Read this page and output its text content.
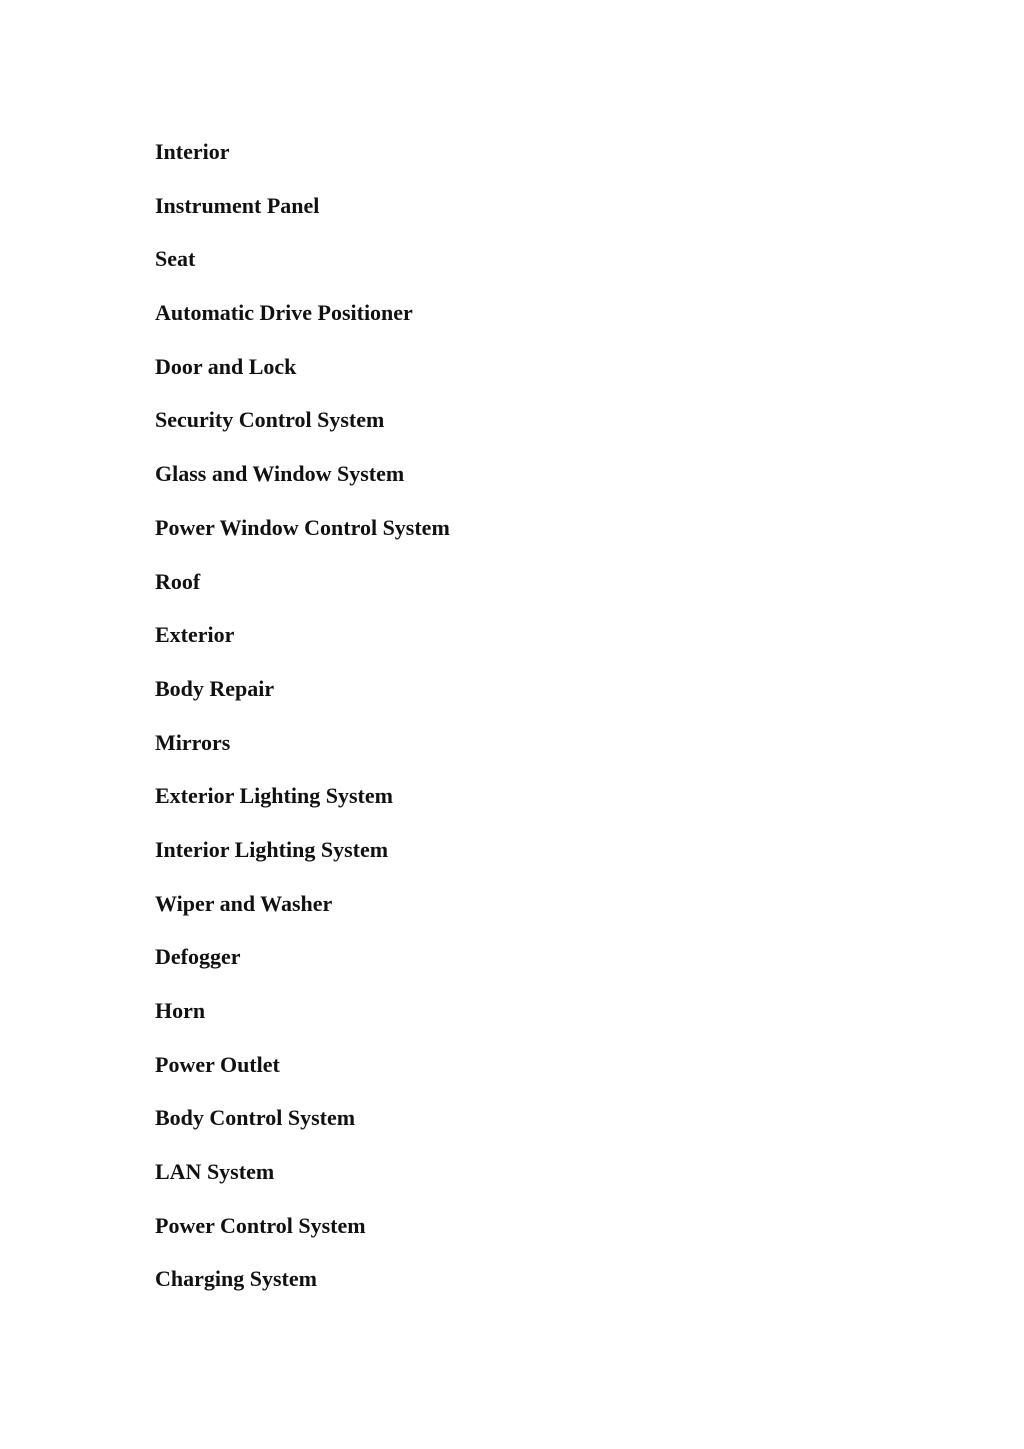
Interior
Instrument Panel
Seat
Automatic Drive Positioner
Door and Lock
Security Control System
Glass and Window System
Power Window Control System
Roof
Exterior
Body Repair
Mirrors
Exterior Lighting System
Interior Lighting System
Wiper and Washer
Defogger
Horn
Power Outlet
Body Control System
LAN System
Power Control System
Charging System
